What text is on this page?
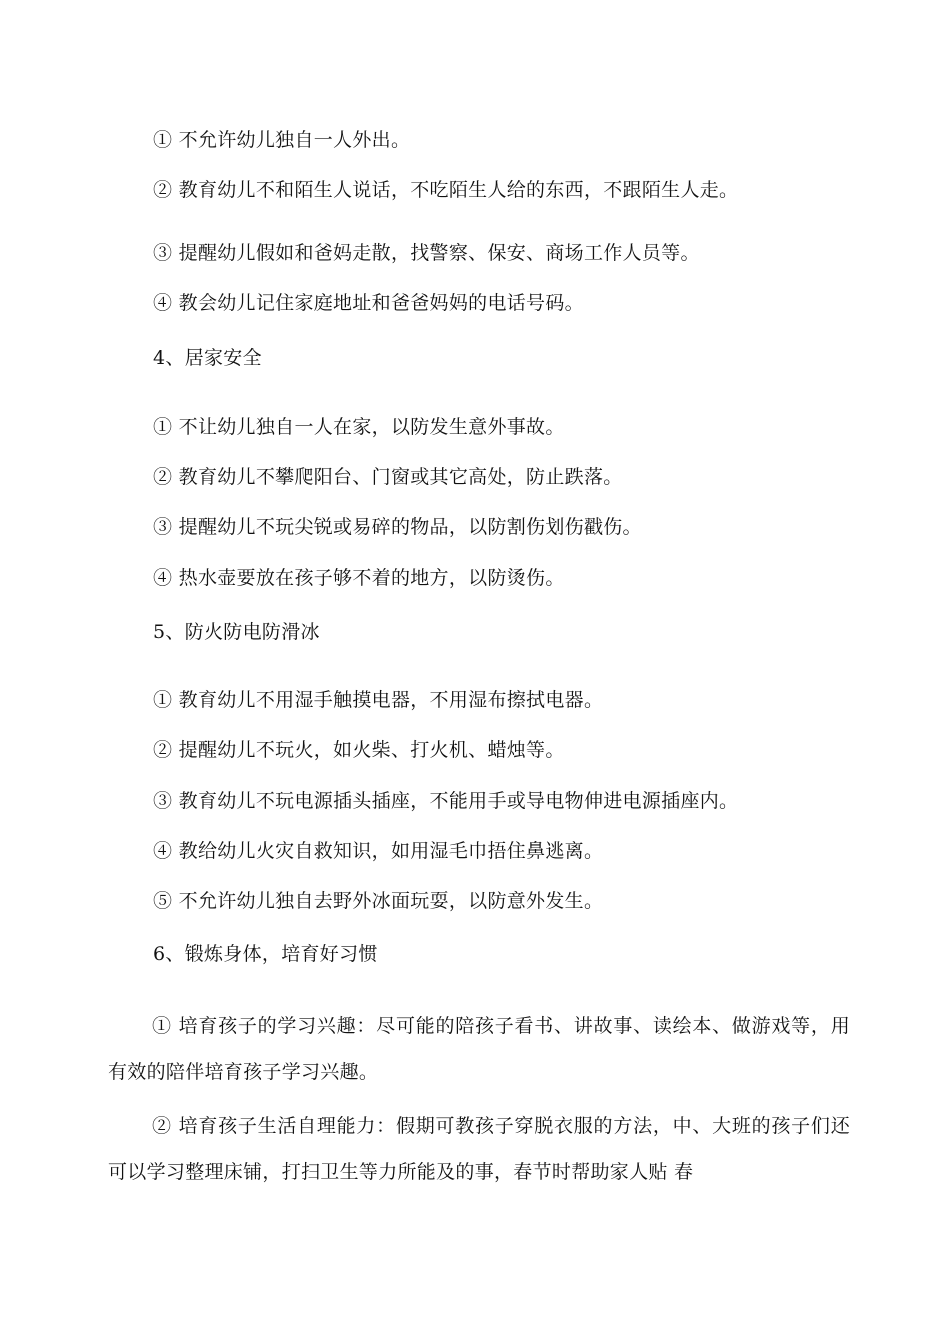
① 不允许幼儿独自一人外出。
② 教育幼儿不和陌生人说话，不吃陌生人给的东西，不跟陌生人走。
③ 提醒幼儿假如和爸妈走散，找警察、保安、商场工作人员等。
④ 教会幼儿记住家庭地址和爸爸妈妈的电话号码。
4、居家安全
① 不让幼儿独自一人在家，以防发生意外事故。
② 教育幼儿不攀爬阳台、门窗或其它高处，防止跌落。
③ 提醒幼儿不玩尖锐或易碎的物品，以防割伤划伤戳伤。
④ 热水壶要放在孩子够不着的地方，以防烫伤。
5、防火防电防滑冰
① 教育幼儿不用湿手触摸电器，不用湿布擦拭电器。
② 提醒幼儿不玩火，如火柴、打火机、蜡烛等。
③ 教育幼儿不玩电源插头插座，不能用手或导电物伸进电源插座内。
④ 教给幼儿火灾自救知识，如用湿毛巾捂住鼻逃离。
⑤ 不允许幼儿独自去野外冰面玩耍，以防意外发生。
6、锻炼身体，培育好习惯
① 培育孩子的学习兴趣：尽可能的陪孩子看书、讲故事、读绘本、做游戏等，用有效的陪伴培育孩子学习兴趣。
② 培育孩子生活自理能力：假期可教孩子穿脱衣服的方法，中、大班的孩子们还可以学习整理床铺，打扫卫生等力所能及的事，春节时帮助家人贴 春
